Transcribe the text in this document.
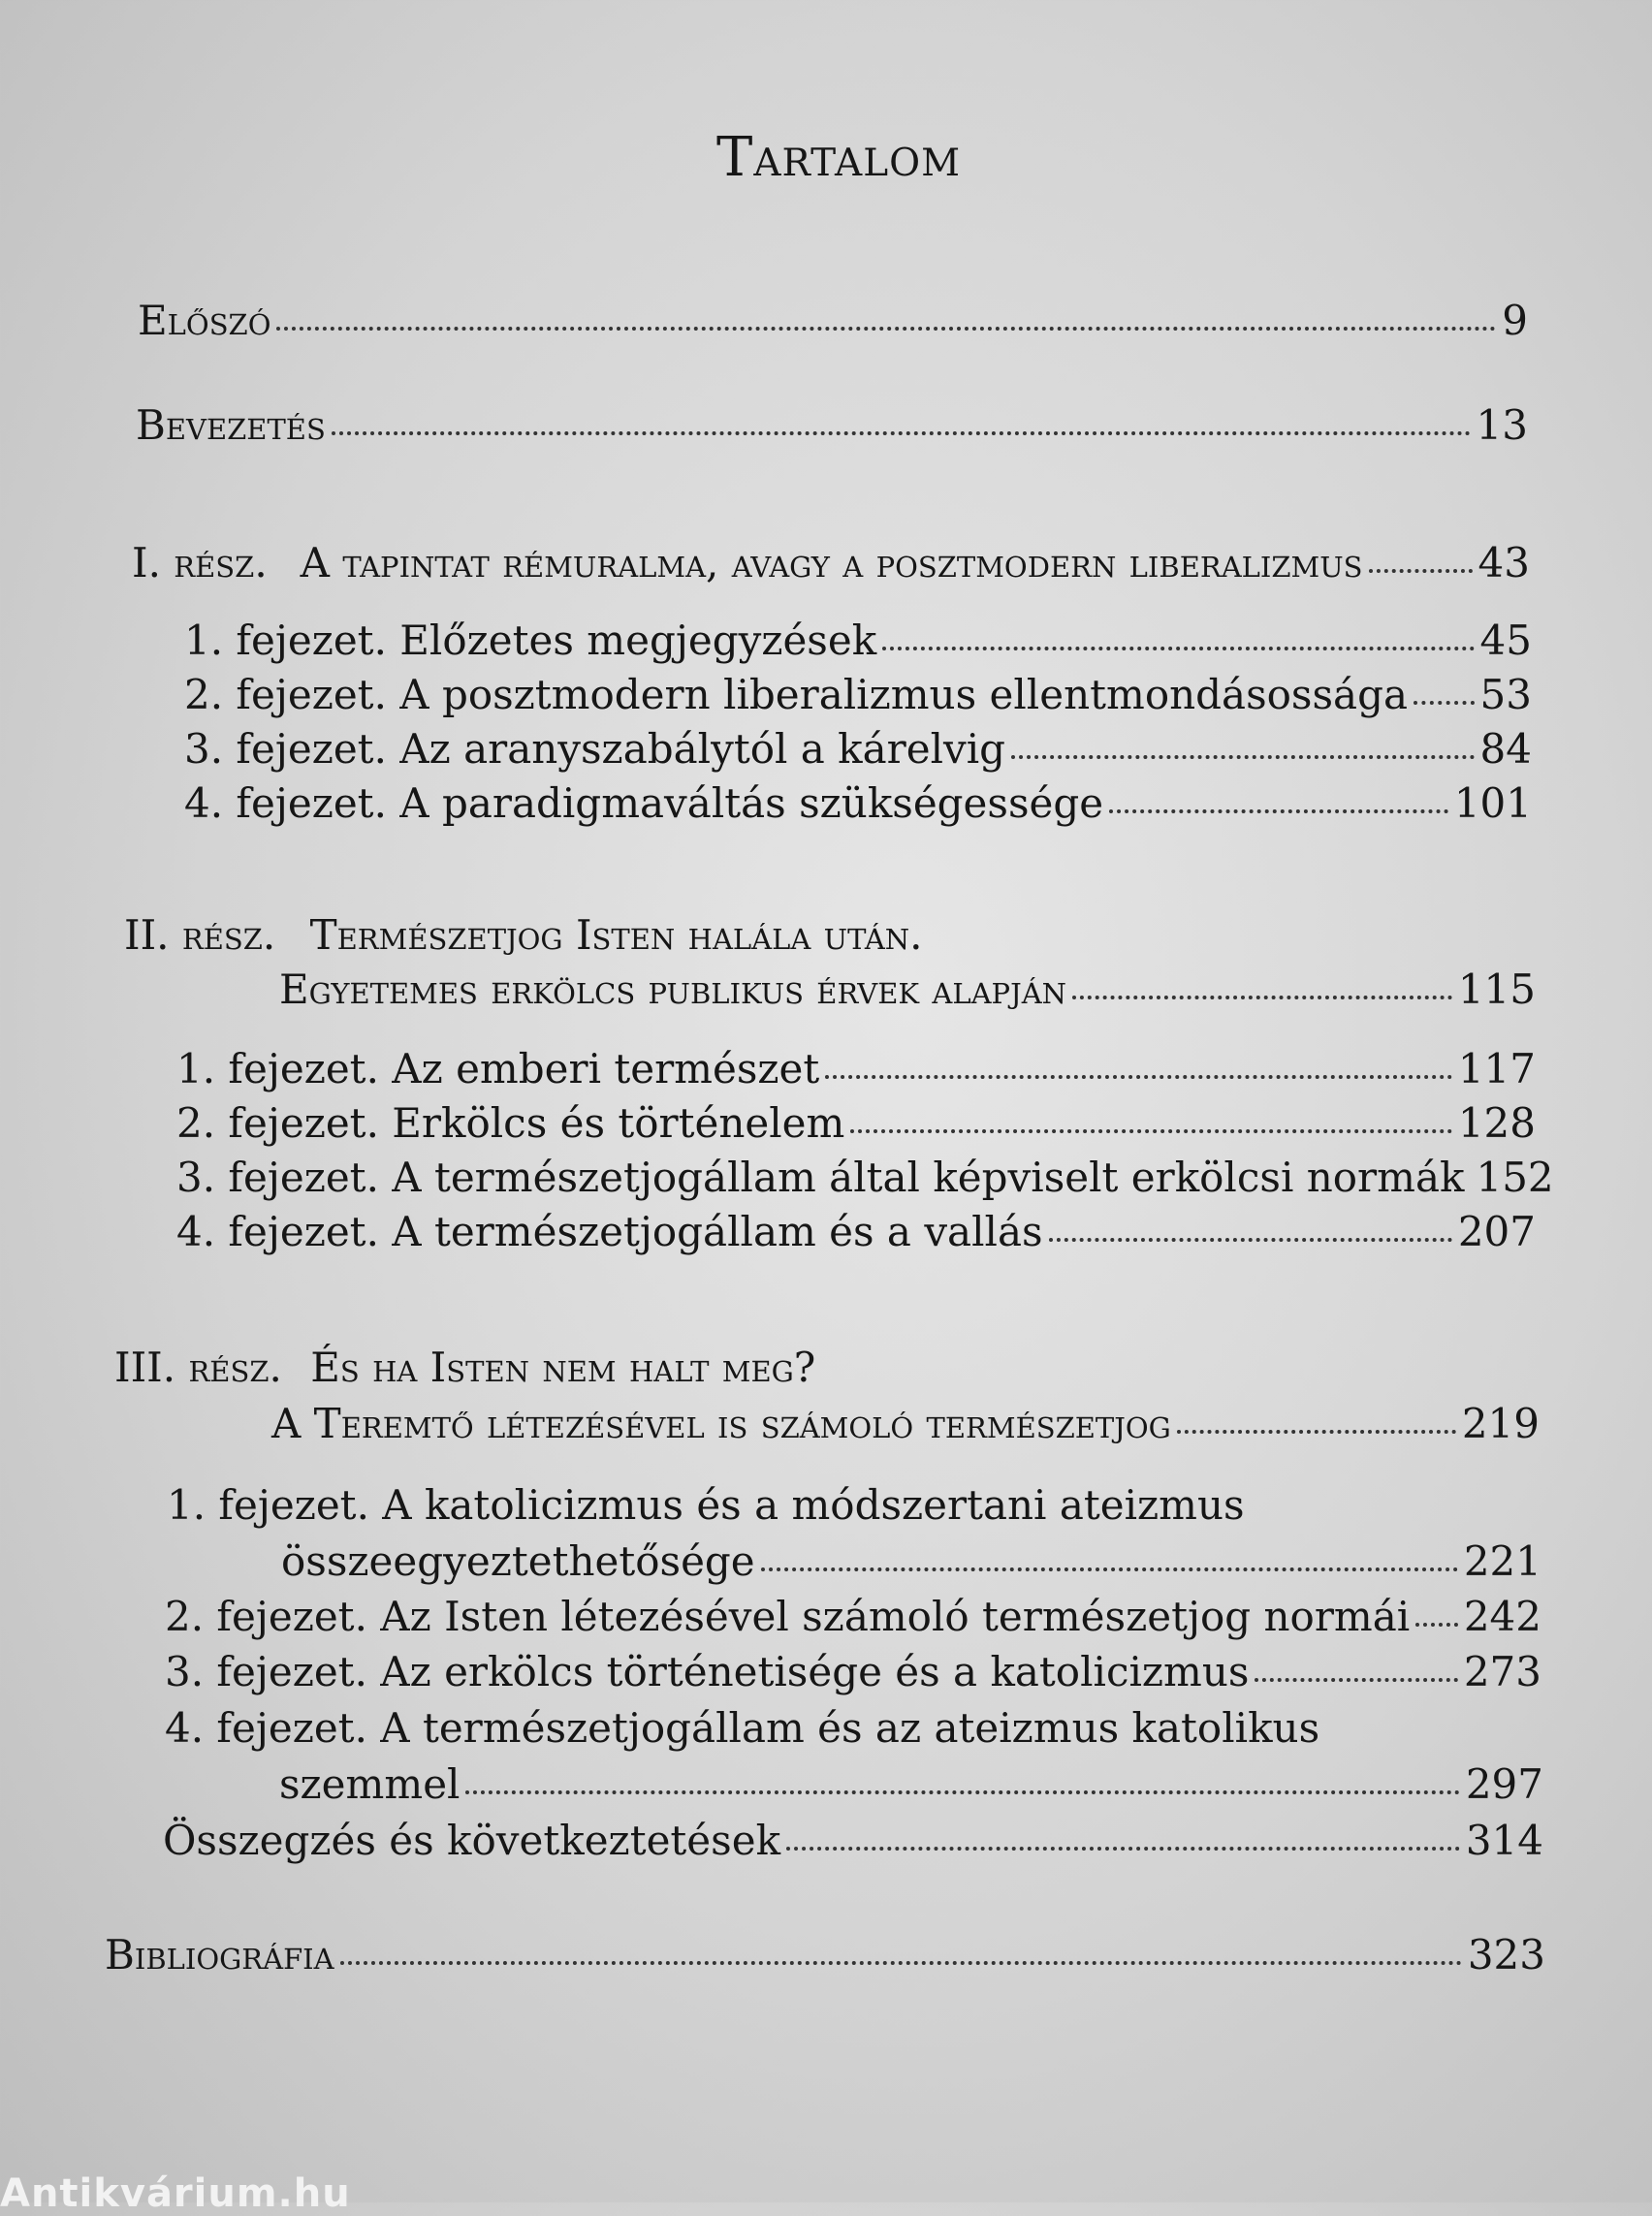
Tartalom
Előszó	9
Bevezetés	13
I. rész. A tapintat rémuralma, avagy a posztmodern liberalizmus	43
1. fejezet. Előzetes megjegyzések	45
2. fejezet. A posztmodern liberalizmus ellentmondásossága 53
3. fejezet. Az aranyszabálytól a kárelvig	84
4. fejezet. A paradigmaváltás szükségessége	101
II. rész. Természetjog Isten halála után.
Egyetemes erkölcs publikus érvek alapján	115
1. fejezet. Az emberi természet	117
2. fejezet. Erkölcs és történelem	128
3. fejezet. A természetjogállam által képviselt erkölcsi normák 152
4. fejezet. A természetjogállam és a vallás	207
III. rész. És ha Isten nem halt meg?
A Teremtő létezésével is számoló természetjog	219
1. fejezet. A katolicizmus és a módszertani ateizmus
összeegyeztethetősége	221
2. fejezet. Az Isten létezésével számoló természetjog normái 242
3. fejezet. Az erkölcs történetisége és a katolicizmus	273
4. fejezet. A természetjogállam és az ateizmus katolikus
szemmel	297
Összegzés és következtetések	314
Bibliográfia	323
Antikvárium.hu
